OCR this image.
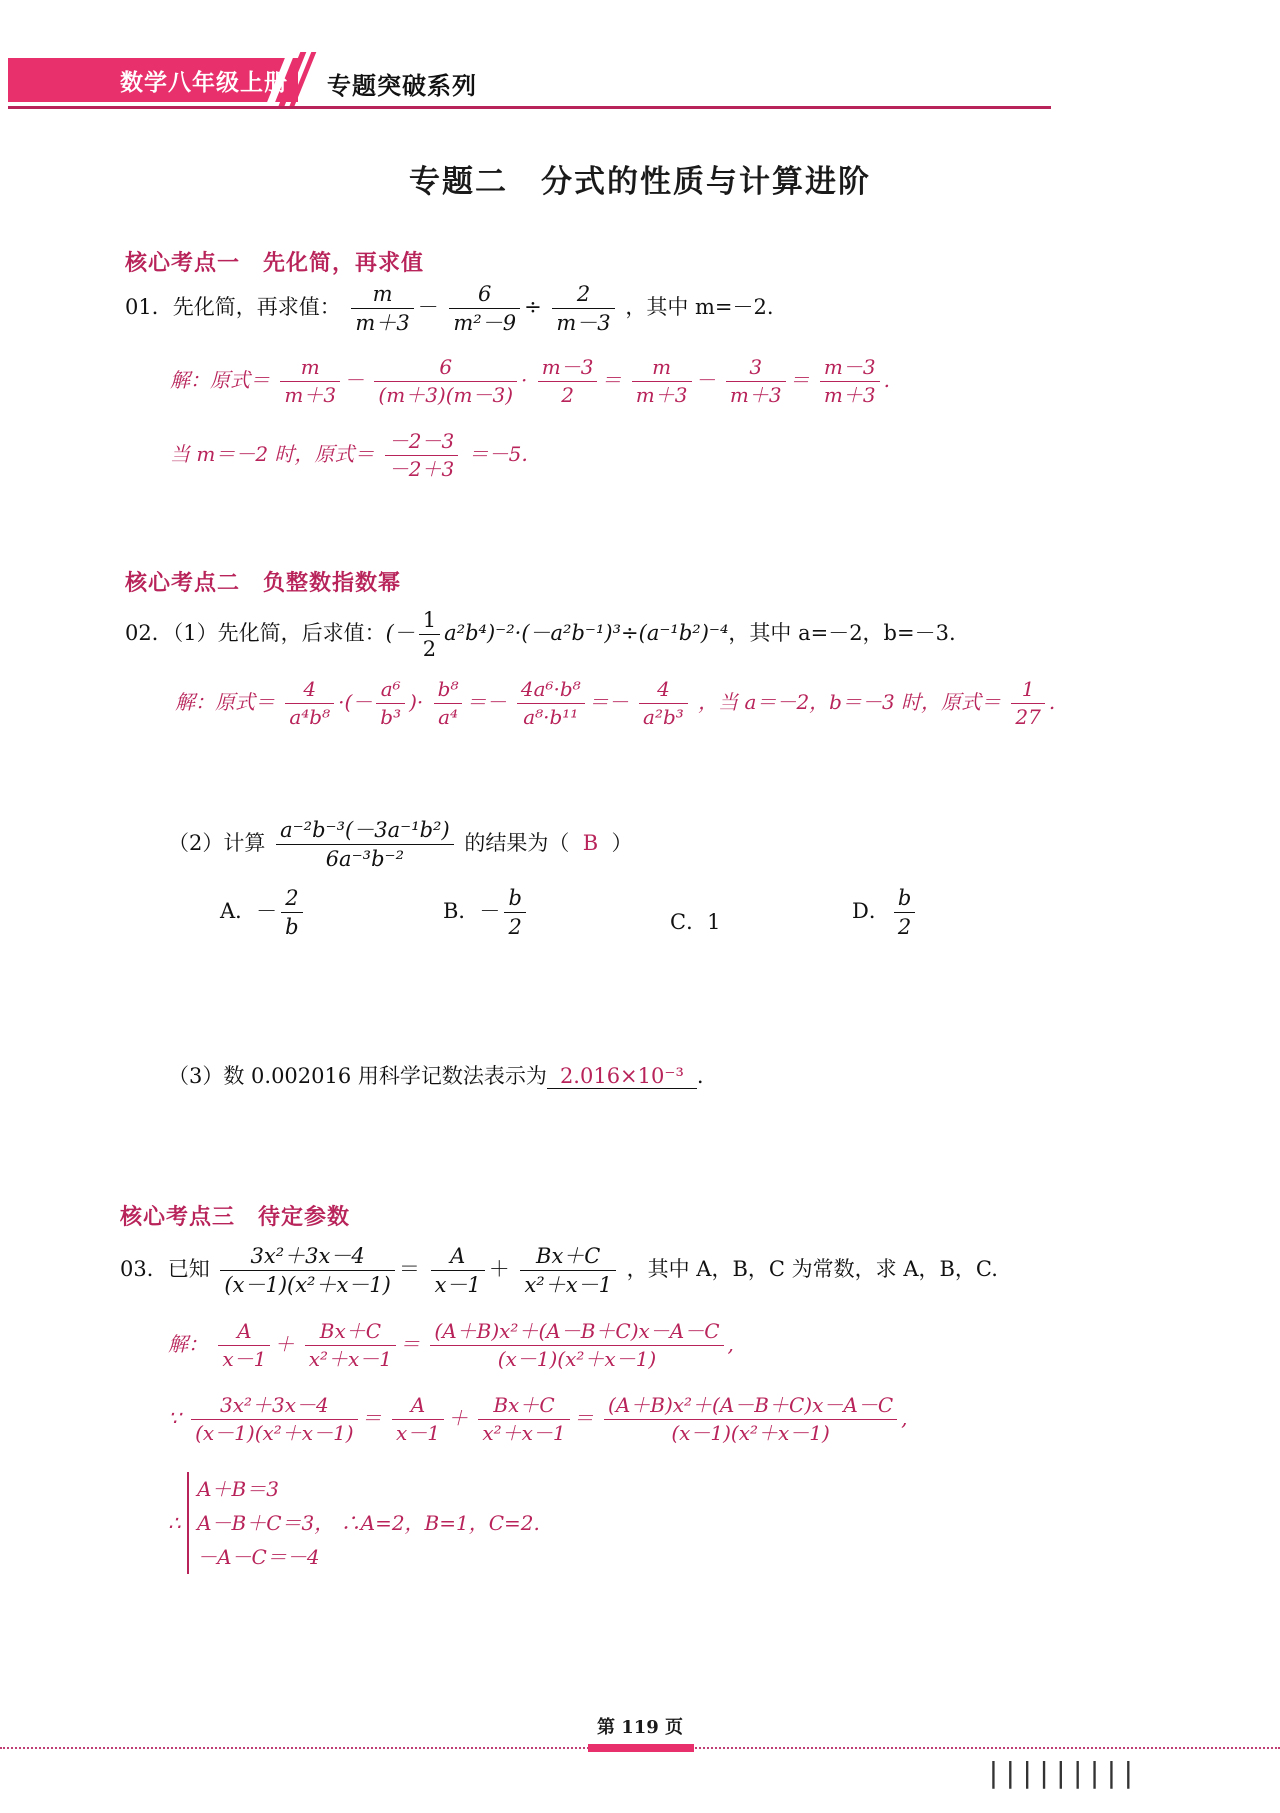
数学八年级上册 专题突破系列
专题二　分式的性质与计算进阶
核心考点一　先化简，再求值
01．先化简，再求值： $\frac{m}{m+3} - \frac{6}{\text{m²－9}} \div \frac{2}{m-3}$ ，其中 m=－2.
解：原式＝ $\frac{m}{m+3} - \frac{6}{(m+3)(m-3)} \cdot \frac{m-3}{2} = \frac{m}{m+3} - \frac{3}{m+3} = \frac{m-3}{m+3}$ .
当 m＝－2 时，原式＝ $\frac{-2-3}{-2+3} =-5$．
核心考点二　负整数指数幂
02．（1）先化简，后求值：(－ $\frac{1}{2} a^2b^4)^{-2}\cdot(-a^2b^{-1})^3\div(a^{-1}b^2)^{-4}$，其中 a=－2，b=－3.
解：原式＝ $\frac{4}{\text{a⁴b⁸}}$ ·(－ $\frac{\text{a⁶}}{\text{b³}}$ )· $\frac{\text{b⁸}}{\text{a⁴}} =- \frac{\text{4a⁶·b⁸}}{\text{a⁸·b¹¹}} =- \frac{4}{\text{a²b³}}$ ，当 a＝－2，b＝－3 时，原式＝ $\frac{1}{27}$ .
（2）计算 $\frac{\text{a⁻²b⁻³(－3a⁻¹b²)}}{\text{6a⁻³b⁻²}}$ 的结果为（ B ）
A．－ $\frac{2}{b}$	B．－ $\frac{b}{2}$	C．1	D． $\frac{b}{2}$
（3）数 0.002016 用科学记数法表示为 2.016×10⁻³ .
核心考点三　待定参数
03．已知 $\frac{\text{3x²＋3x－4}}{\text{(x－1)(x²＋x－1)}} = \frac{A}{x-1} + \frac{Bx+C}{\text{x²＋x－1}}$ ，其中 A，B，C 为常数，求 A，B，C.
解： $\frac{A}{x-1} + \frac{Bx+C}{\text{x²＋x－1}} = \frac{\text{(A＋B)x²＋(A－B＋C)x－A－C}}{\text{(x－1)(x²＋x－1)}}$ ,
∵ $\frac{\text{3x²＋3x－4}}{\text{(x－1)(x²＋x－1)}} = \frac{A}{x-1} + \frac{Bx+C}{\text{x²＋x－1}} = \frac{\text{(A＋B)x²＋(A－B＋C)x－A－C}}{\text{(x－1)(x²＋x－1)}}$ ,
∴
A＋B＝3
A－B＋C＝3， ∴A=2，B=1，C=2.
－A－C＝－4
第 119 页
|||||||||
